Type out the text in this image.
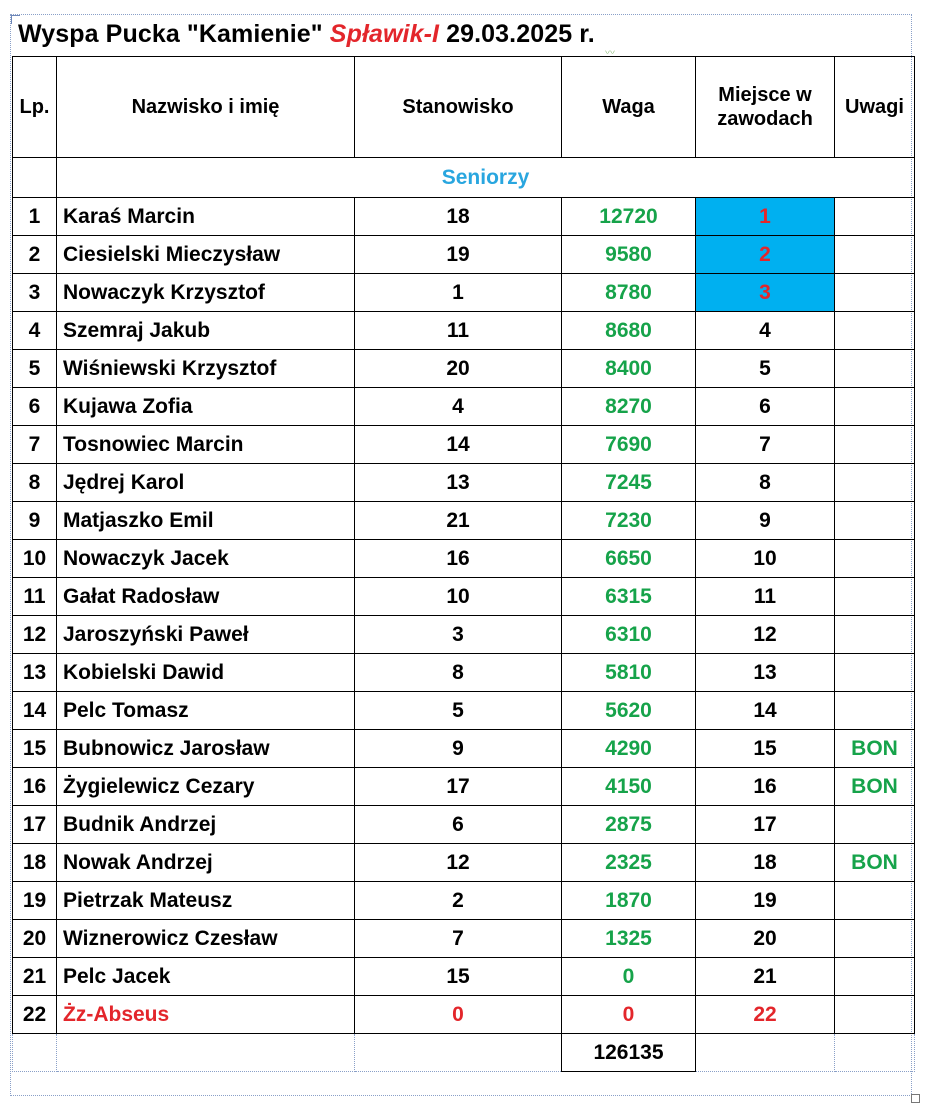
Wyspa Pucka "Kamienie" Spławik-I 29.03.2025 r.
〰
Lp.	Nazwisko i imię	Stanowisko	Waga	Miejsce w zawodach	Uwagi
	Seniorzy				
1	Karaś Marcin	18	12720	1	
2	Ciesielski Mieczysław	19	9580	2	
3	Nowaczyk Krzysztof	1	8780	3	
4	Szemraj Jakub	11	8680	4	
5	Wiśniewski Krzysztof	20	8400	5	
6	Kujawa Zofia	4	8270	6	
7	Tosnowiec Marcin	14	7690	7	
8	Jędrej Karol	13	7245	8	
9	Matjaszko Emil	21	7230	9	
10	Nowaczyk Jacek	16	6650	10	
11	Gałat Radosław	10	6315	11	
12	Jaroszyński Paweł	3	6310	12	
13	Kobielski Dawid	8	5810	13	
14	Pelc Tomasz	5	5620	14	
15	Bubnowicz Jarosław	9	4290	15	BON
16	Żygielewicz Cezary	17	4150	16	BON
17	Budnik Andrzej	6	2875	17	
18	Nowak Andrzej	12	2325	18	BON
19	Pietrzak Mateusz	2	1870	19	
20	Wiznerowicz Czesław	7	1325	20	
21	Pelc Jacek	15	0	21	
22	Żz-Abseus	0	0	22	
			126135		
